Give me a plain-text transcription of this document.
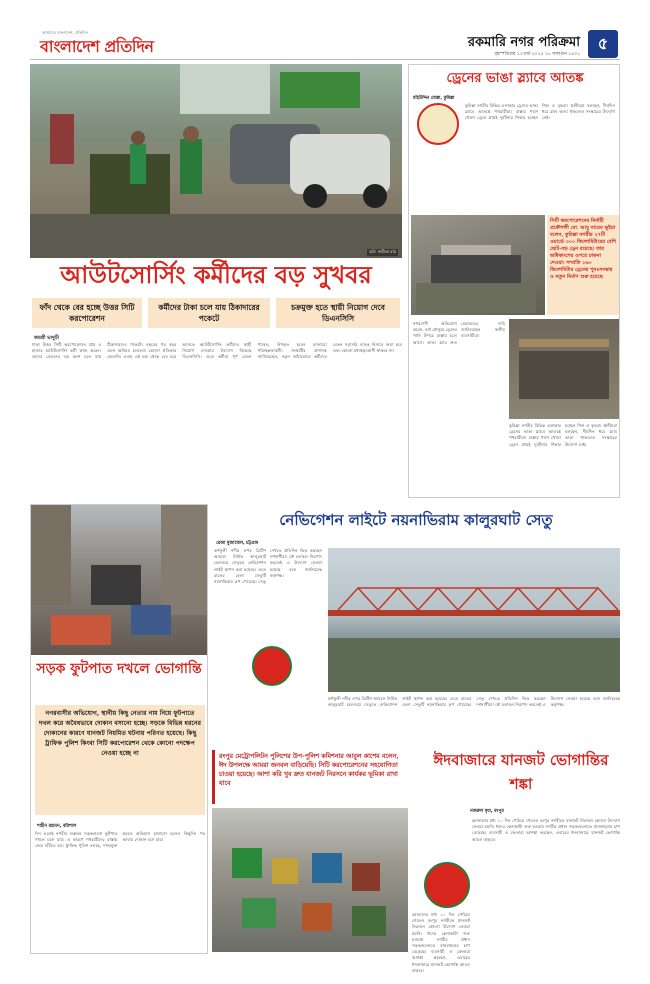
আমাদের বাংলাদেশ, প্রতিদিন
বাংলাদেশ প্রতিদিন	রকমারি নগর পরিক্রমা
বৃহস্পতিবার ১৩ মার্চ ২০২৫ ২৮ ফাল্গুন ১৪৩১
৫
ছবি: জয়ীতা রায়
আউটসোর্সিং কর্মীদের বড় সুখবর
ফাঁদ থেকে বের হচ্ছে উত্তর সিটি করপোরেশন
কর্মীদের টাকা চলে যায় ঠিকাদারের পকেটে
চক্রমুক্ত হতে স্থায়ী নিয়োগ দেবে ডিএনসিসি
জয়শ্রী ভাদুড়ী
ঢাকা উত্তর সিটি করপোরেশনে প্রায় ৫ হাজার আউটসোর্সিং কর্মী কাজ করেন। তাদের বেতনের বড় অংশ চলে যায় ঠিকাদারদের পকেটে। বছরের পর বছর এমন অনিয়ম চললেও কোনো প্রতিকার মেলেনি। এবার এই চক্র থেকে বের হয়ে আসতে আউটসোর্সিং কর্মীদের স্থায়ী নিয়োগ দেওয়ার উদ্যোগ নিয়েছে ডিএনসিসি। এতে কর্মীরা পূর্ণ বেতন পাবেন, উপকৃত হবেন হাজারো পরিচ্ছন্নতাকর্মী। সংস্থাটির প্রশাসক জানিয়েছেন, নতুন কাঠামোতে কর্মীদের বেতন সরাসরি ব্যাংক হিসাবে জমা হবে এবং কোনো মধ্যস্বত্বভোগী থাকবে না।
ড্রেনের ভাঙা স্ল্যাবে আতঙ্ক
মহিউদ্দিন মোল্লা, কুমিল্লা
কুমিল্লা নগরীর বিভিন্ন এলাকার ড্রেনের ভাঙা স্ল্যাবে আতঙ্কে পথচারীরা। রাস্তার পাশে খোলা ড্রেনে প্রায়ই দুর্ঘটনার শিকার হচ্ছেন শিশু ও বৃদ্ধরা। স্থানীয়রা বলছেন, দীর্ঘদিন ধরে স্ল্যাব ভাঙা থাকলেও সংস্কারের উদ্যোগ নেই।
সিটি করপোরেশনের নির্বাহী প্রকৌশলী মো. আবু নায়েম ভূইয়া বলেন, কুমিল্লা নগরীর ২৭টি ওয়ার্ডে ৩০০ কিলোমিটারের বেশি ছোট-বড় ড্রেন রয়েছে। তার অধিকাংশের ওপরে ঢাকনা দেওয়া। সম্প্রতি ১৬০ কিলোমিটার ড্রেনের পুনঃসংস্কার ও নতুন নির্মাণ শুরু হয়েছে
নগরবাসী অভিযোগ করেন, বর্ষা মৌসুমে ড্রেনের পানি উপচে রাস্তায় চলে আসে। ভাঙা স্ল্যাব দ্রুত মেরামতের দাবি জানিয়েছেন স্থানীয় ব্যবসায়ীরা।
কুমিল্লা নগরীর বিভিন্ন এলাকার ড্রেনের ভাঙা স্ল্যাবে আতঙ্কে পথচারীরা। রাস্তার পাশে খোলা ড্রেনে প্রায়ই দুর্ঘটনার শিকার হচ্ছেন শিশু ও বৃদ্ধরা। স্থানীয়রা বলছেন, দীর্ঘদিন ধরে স্ল্যাব ভাঙা থাকলেও সংস্কারের উদ্যোগ নেই।
সড়ক ফুটপাত দখলে ভোগান্তি
নগরবাসীর অভিযোগ, স্থানীয় কিছু নেতার নাম নিয়ে ফুটপাতে দখল করে অবৈধভাবে দোকান বসানো হচ্ছে। সড়কে বিভিন্ন ধরনের দোকানের কারণে যানজট নিয়মিত ঘটনায় পরিণত হয়েছে। কিছু ট্রাফিক পুলিশ কিংবা সিটি করপোরেশন থেকে কোনো পদক্ষেপ নেওয়া হচ্ছে না
শাহীন রহমান, বরিশাল
দিন এলেই নগরীর ব্যস্ততম সড়কগুলো ফুটপাত দখলে চলে যায়। এ কারণে পথচারীদের রাস্তায় নেমে হাঁটতে হয়। ট্রাফিক পুলিশ বলছে, দখলমুক্ত করতে অভিযান চালানো হলেও কিছুদিন পর আবার দোকান বসে যায়।
নেভিগেশন লাইটে নয়নাভিরাম কালুরঘাট সেতু
রেজা মুজাম্মেল, চট্টগ্রাম
কর্ণফুলী নদীর ওপর ব্রিটিশ আমলে নির্মিত কালুরঘাট রেলওয়ে সেতুতে নেভিগেশন লাইট স্থাপন করা হয়েছে। এতে রাতের বেলা সেতুটি নয়নাভিরাম রূপ পেয়েছে। সেতু দেখতে প্রতিদিন ভিড় করছেন দর্শনার্থীরা। নৌ চলাচল নিরাপদ করতেই এ উদ্যোগ নেওয়া হয়েছে বলে জানিয়েছে কর্তৃপক্ষ।
কর্ণফুলী নদীর ওপর ব্রিটিশ আমলে নির্মিত কালুরঘাট রেলওয়ে সেতুতে নেভিগেশন লাইট স্থাপন করা হয়েছে। এতে রাতের বেলা সেতুটি নয়নাভিরাম রূপ পেয়েছে। সেতু দেখতে প্রতিদিন ভিড় করছেন দর্শনার্থীরা। নৌ চলাচল নিরাপদ করতেই এ উদ্যোগ নেওয়া হয়েছে বলে জানিয়েছে কর্তৃপক্ষ।
রংপুর মেট্রোপলিটন পুলিশের উপ-পুলিশ কমিশনার আবুল কাশেম বলেন, ঈদ উপলক্ষে আমরা জনবল বাড়িয়েছি। সিটি করপোরেশনের সহযোগিতা চাওয়া হয়েছে। আশা করি খুব দ্রুত যানজট নিরসনে কার্যকর ভূমিকা রাখা যাবে
ঈদবাজারে যানজট ভোগান্তির শঙ্কা
নজরুল মৃধা, রংপুর
রমজানের মধ্য ১০ দিন পেরিয়ে গেলেও রংপুর নগরীতে যানজট নিরসনে কোনো উদ্যোগ নেওয়া হয়নি। ঈদের কেনাকাটা শুরু হওয়ায় নগরীর প্রধান সড়কগুলোতে যানবাহনের চাপ বেড়েছে। ব্যবসায়ী ও ক্রেতারা আশঙ্কা করছেন, এবারের ঈদবাজারে যানজট ভোগান্তি আরও বাড়বে।
রমজানের মধ্য ১০ দিন পেরিয়ে গেলেও রংপুর নগরীতে যানজট নিরসনে কোনো উদ্যোগ নেওয়া হয়নি। ঈদের কেনাকাটা শুরু হওয়ায় নগরীর প্রধান সড়কগুলোতে যানবাহনের চাপ বেড়েছে। ব্যবসায়ী ও ক্রেতারা আশঙ্কা করছেন, এবারের ঈদবাজারে যানজট ভোগান্তি আরও বাড়বে।
